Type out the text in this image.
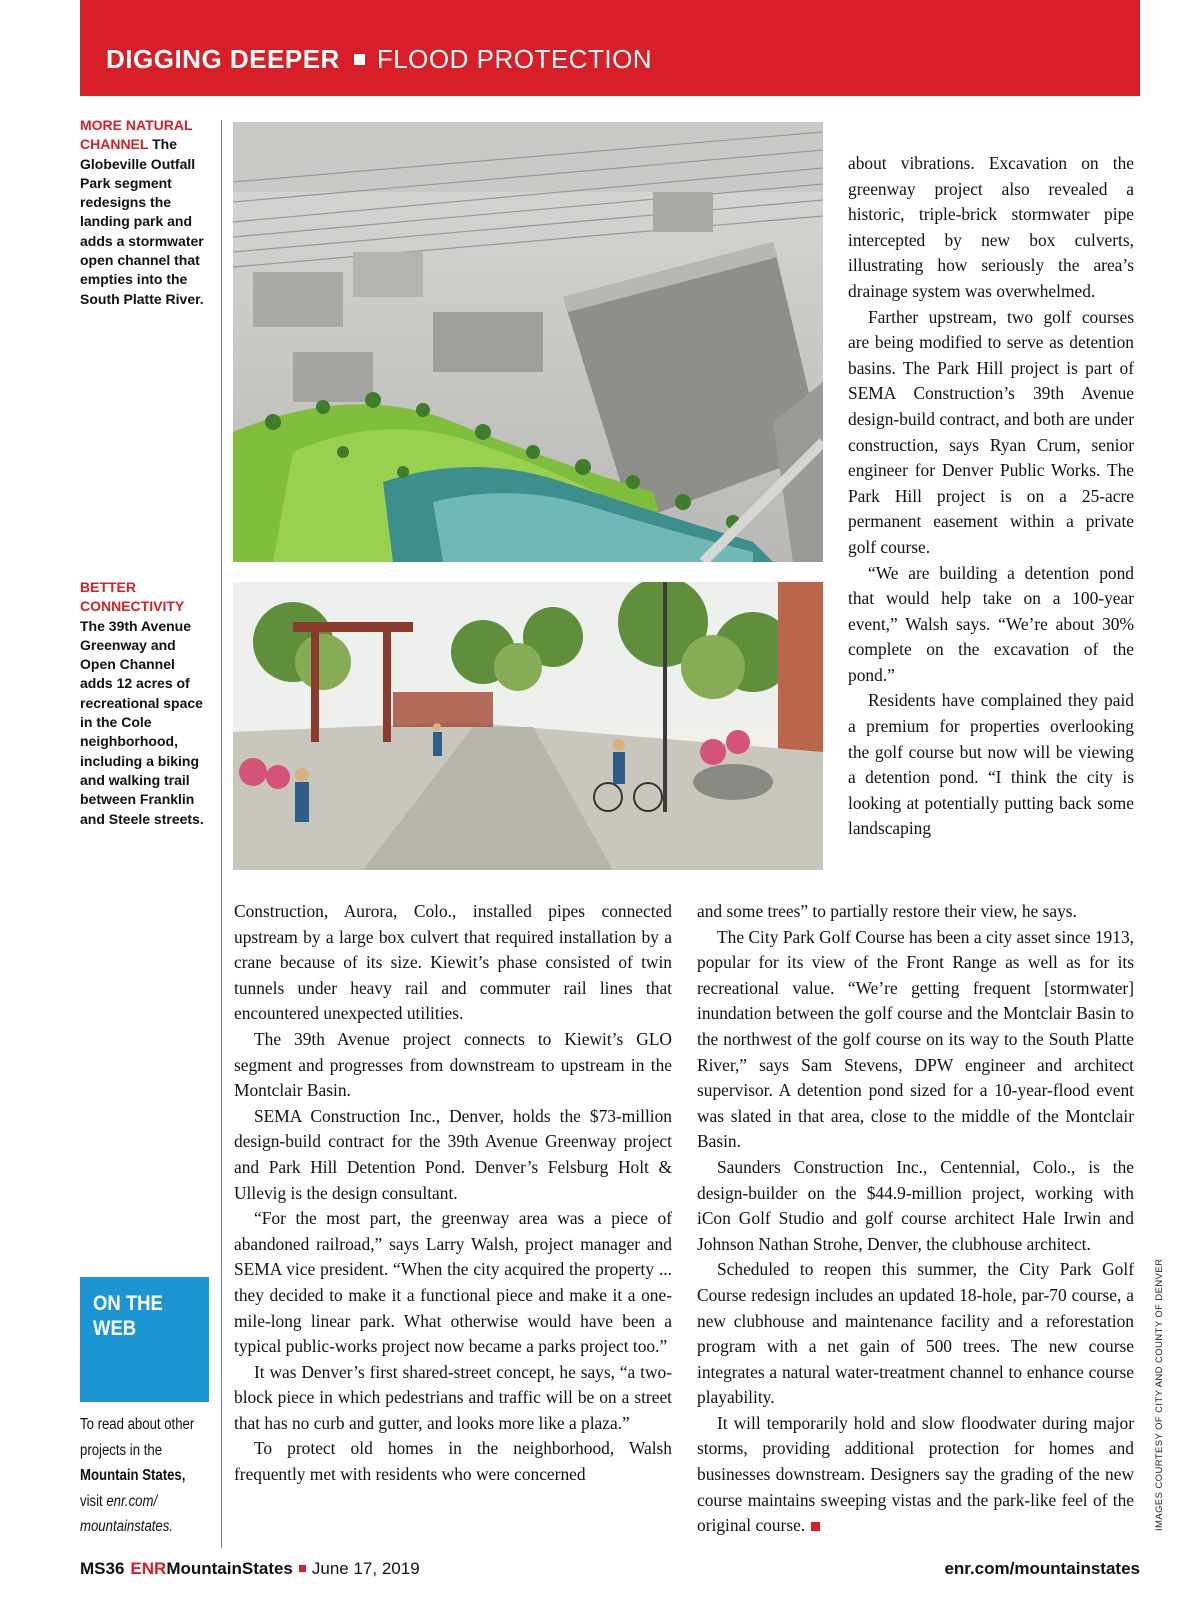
DIGGING DEEPER FLOOD PROTECTION
MORE NATURAL CHANNEL The Globeville Outfall Park segment redesigns the landing park and adds a stormwater open channel that empties into the South Platte River.
BETTER CONNECTIVITY The 39th Avenue Greenway and Open Channel adds 12 acres of recreational space in the Cole neighborhood, including a biking and walking trail between Franklin and Steele streets.

about vibrations. Excavation on the greenway project also revealed a historic, triple-brick stormwater pipe intercepted by new box culverts, illustrating how seriously the area’s drainage system was overwhelmed.

Farther upstream, two golf courses are being modified to serve as detention basins. The Park Hill project is part of SEMA Construction’s 39th Avenue design-build contract, and both are under construction, says Ryan Crum, senior engineer for Denver Public Works. The Park Hill project is on a 25-acre permanent easement within a private golf course.

“We are building a detention pond that would help take on a 100-year event,” Walsh says. “We’re about 30% complete on the excavation of the pond.”

Residents have complained they paid a premium for properties overlooking the golf course but now will be viewing a detention pond. “I think the city is looking at potentially putting back some landscaping

Construction, Aurora, Colo., installed pipes connected upstream by a large box culvert that required installation by a crane because of its size. Kiewit’s phase consisted of twin tunnels under heavy rail and commuter rail lines that encountered unexpected utilities.

The 39th Avenue project connects to Kiewit’s GLO segment and progresses from downstream to upstream in the Montclair Basin.

SEMA Construction Inc., Denver, holds the $73-million design-build contract for the 39th Avenue Greenway project and Park Hill Detention Pond. Denver’s Felsburg Holt & Ullevig is the design consultant.

“For the most part, the greenway area was a piece of abandoned railroad,” says Larry Walsh, project manager and SEMA vice president. “When the city acquired the property ... they decided to make it a functional piece and make it a one-mile-long linear park. What otherwise would have been a typical public-works project now became a parks project too.”

It was Denver’s first shared-street concept, he says, “a two-block piece in which pedestrians and traffic will be on a street that has no curb and gutter, and looks more like a plaza.”

To protect old homes in the neighborhood, Walsh frequently met with residents who were concerned

and some trees” to partially restore their view, he says.

The City Park Golf Course has been a city asset since 1913, popular for its view of the Front Range as well as for its recreational value. “We’re getting frequent [stormwater] inundation between the golf course and the Montclair Basin to the northwest of the golf course on its way to the South Platte River,” says Sam Stevens, DPW engineer and architect supervisor. A detention pond sized for a 10-year-flood event was slated in that area, close to the middle of the Montclair Basin.

Saunders Construction Inc., Centennial, Colo., is the design-builder on the $44.9-million project, working with iCon Golf Studio and golf course architect Hale Irwin and Johnson Nathan Strohe, Denver, the clubhouse architect.

Scheduled to reopen this summer, the City Park Golf Course redesign includes an updated 18-hole, par-70 course, a new clubhouse and maintenance facility and a reforestation program with a net gain of 500 trees. The new course integrates a natural water-treatment channel to enhance course playability.

It will temporarily hold and slow floodwater during major storms, providing additional protection for homes and businesses downstream. Designers say the grading of the new course maintains sweeping vistas and the park-like feel of the original course.

ON THE WEB
To read about other projects in the Mountain States, visit enr.com/ mountainstates.	IMAGES COURTESY OF CITY AND COUNTY OF DENVER
MS36 ENRMountainStates June 17, 2019	enr.com/mountainstates
